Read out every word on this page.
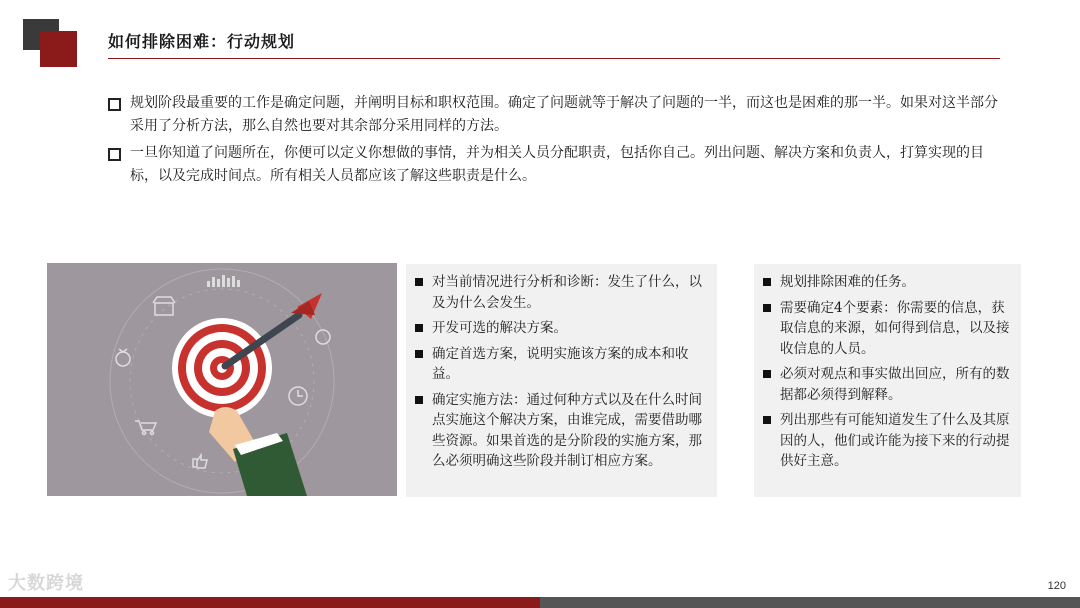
如何排除困难：行动规划
规划阶段最重要的工作是确定问题，并阐明目标和职权范围。确定了问题就等于解决了问题的一半，而这也是困难的那一半。如果对这半部分采用了分析方法，那么自然也要对其余部分采用同样的方法。
一旦你知道了问题所在，你便可以定义你想做的事情，并为相关人员分配职责，包括你自己。列出问题、解决方案和负责人，打算实现的目标，以及完成时间点。所有相关人员都应该了解这些职责是什么。
对当前情况进行分析和诊断：发生了什么，以及为什么会发生。
开发可选的解决方案。
确定首选方案，说明实施该方案的成本和收益。
确定实施方法：通过何种方式以及在什么时间点实施这个解决方案，由谁完成，需要借助哪些资源。如果首选的是分阶段的实施方案，那么必须明确这些阶段并制订相应方案。
规划排除困难的任务。
需要确定4个要素：你需要的信息，获取信息的来源，如何得到信息，以及接收信息的人员。
必须对观点和事实做出回应，所有的数据都必须得到解释。
列出那些有可能知道发生了什么及其原因的人，他们或许能为接下来的行动提供好主意。
大数跨境	120
